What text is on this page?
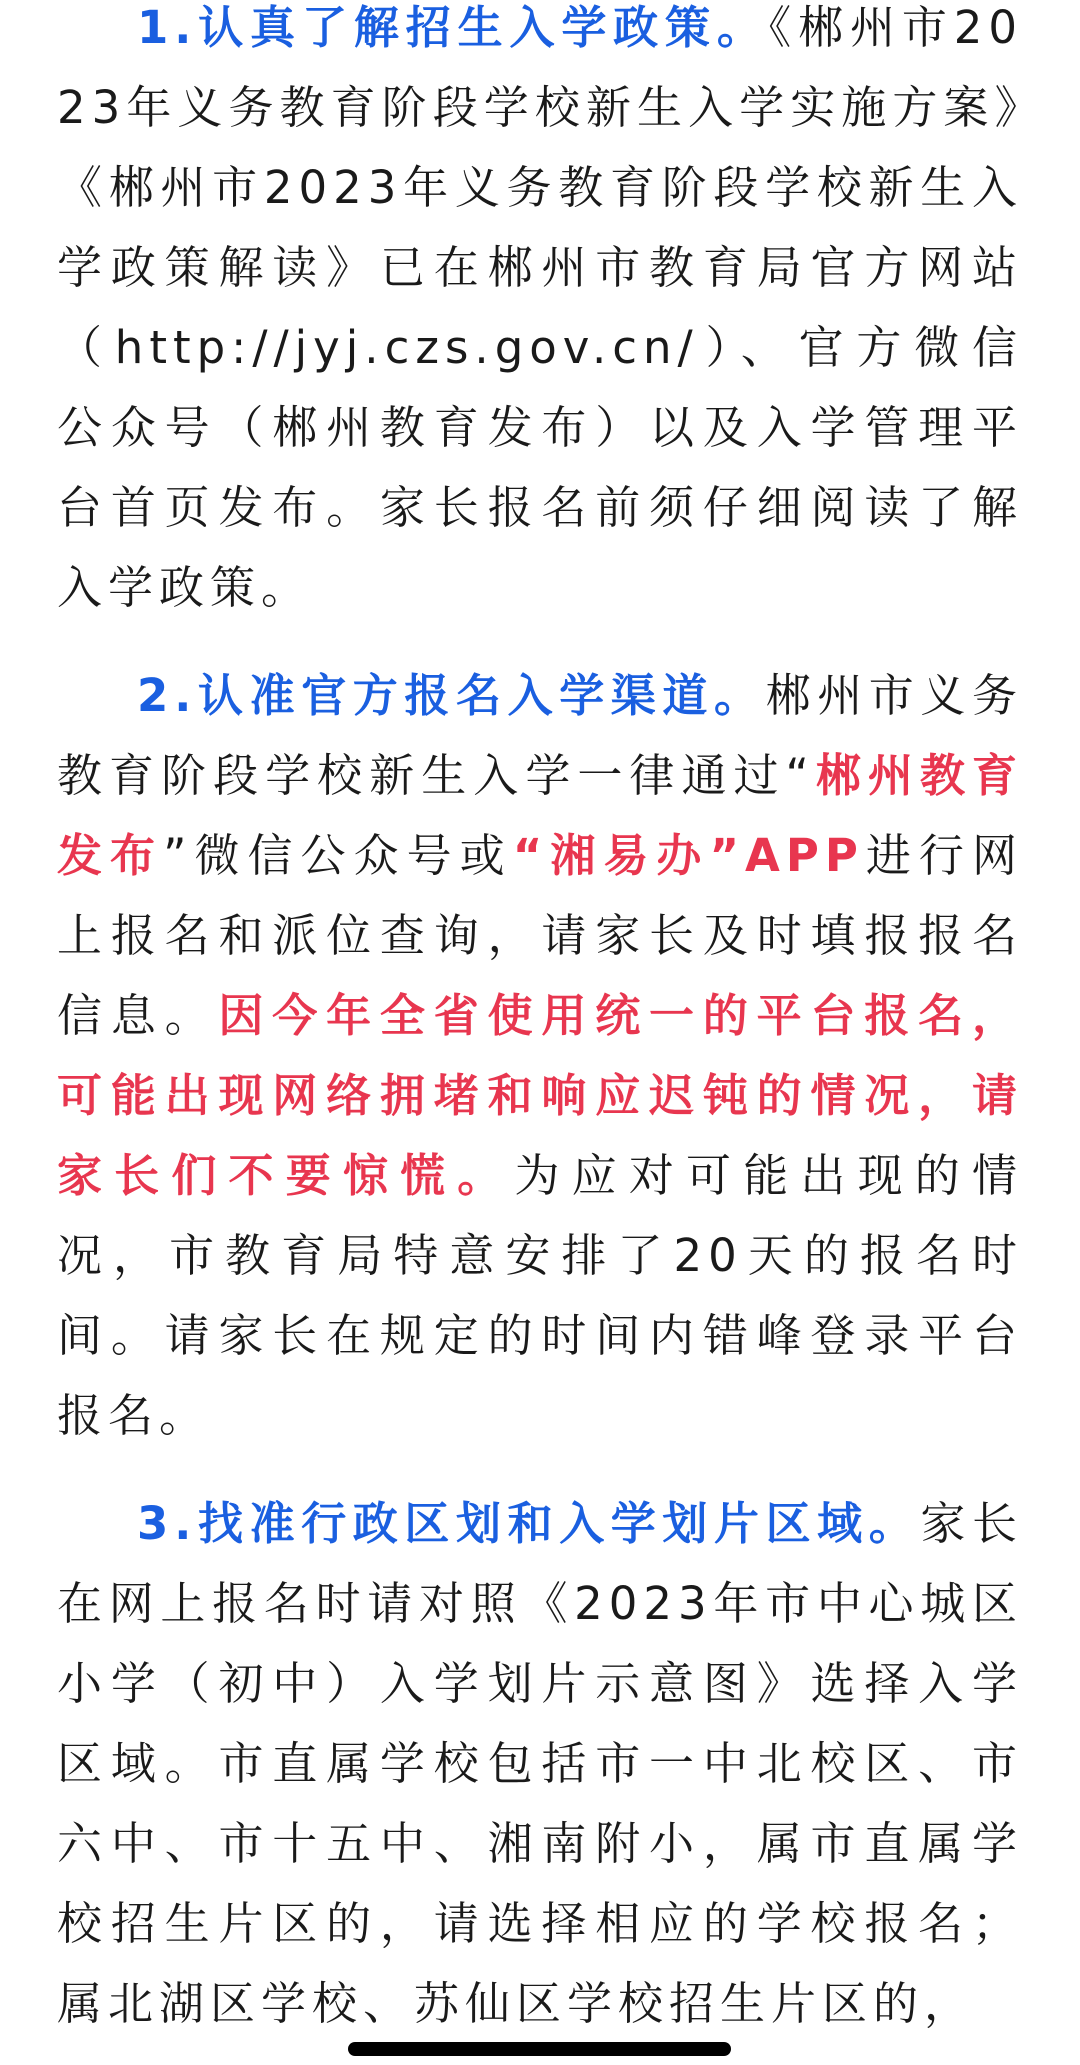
1.认真了解招生入学政策。《郴州市2023年义务教育阶段学校新生入学实施方案》《郴州市2023年义务教育阶段学校新生入学政策解读》已在郴州市教育局官方网站（http://jyj.czs.gov.cn/）、官方微信公众号（郴州教育发布）以及入学管理平台首页发布。家长报名前须仔细阅读了解入学政策。

2.认准官方报名入学渠道。郴州市义务教育阶段学校新生入学一律通过“郴州教育发布”微信公众号或“湘易办”APP进行网上报名和派位查询，请家长及时填报报名信息。因今年全省使用统一的平台报名，可能出现网络拥堵和响应迟钝的情况，请家长们不要惊慌。为应对可能出现的情况，市教育局特意安排了20天的报名时间。请家长在规定的时间内错峰登录平台报名。

3.找准行政区划和入学划片区域。家长在网上报名时请对照《2023年市中心城区小学（初中）入学划片示意图》选择入学区域。市直属学校包括市一中北校区、市六中、市十五中、湘南附小，属市直属学校招生片区的，请选择相应的学校报名；属北湖区学校、苏仙区学校招生片区的，
